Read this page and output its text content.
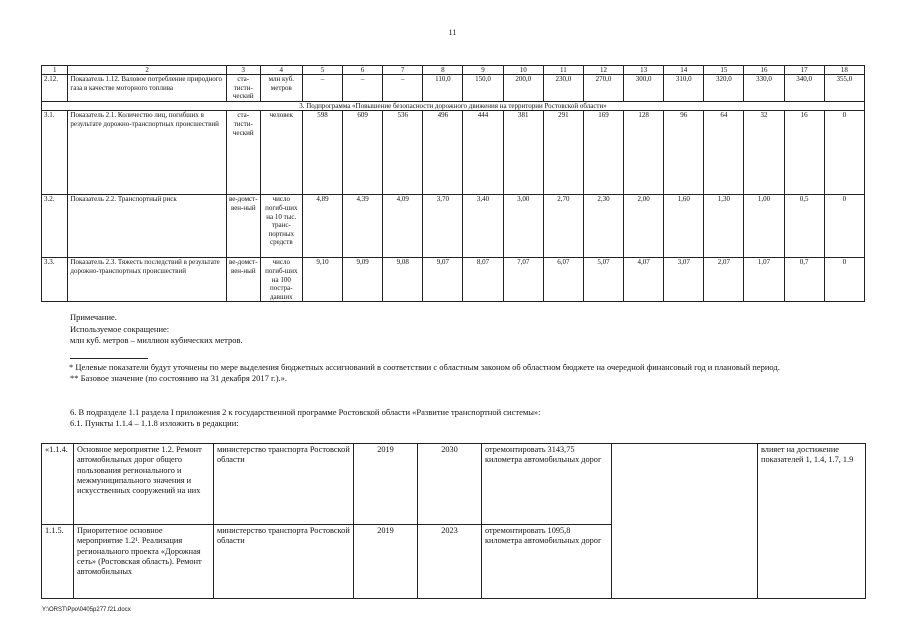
11
1	2	3	4	5	6	7	8	9	10	11	12	13	14	15	16	17	18
2.12.	Показатель 1.12. Валовое потребление природного газа в качестве моторного топлива	ста-тисти-ческий	млн куб. метров	–	–	–	110,0	150,0	200,0	230,0	270,0	300,0	310,0	320,0	330,0	340,0	355,0
3. Подпрограмма «Повышение безопасности дорожного движения на территории Ростовской области»																	
3.1.	Показатель 2.1. Количество лиц, погибших в результате дорожно-транспортных происшествий	ста-тисти-ческий	человек	598	609	536	496	444	381	291	169	128	96	64	32	16	0
3.2.	Показатель 2.2. Транспортный риск	ве-домст-вен-ный	число погиб-ших на 10 тыс. транс-портных средств	4,89	4,39	4,09	3,70	3,40	3,00	2,70	2,30	2,00	1,60	1,30	1,00	0,5	0
3.3.	Показатель 2.3. Тяжесть последствий в результате дорожно-транспортных происшествий	ве-домст-вен-ный	число погиб-ших на 100 постра-давших	9,10	9,09	9,08	9,07	8,07	7,07	6,07	5,07	4,07	3,07	2,07	1,07	0,7	0
Примечание.
Используемое сокращение:
млн куб. метров – миллион кубических метров.

* Целевые показатели будут уточнены по мере выделения бюджетных ассигнований в соответствии с областным законом об областном бюджете на очередной финансовый год и плановый период.

** Базовое значение (по состоянию на 31 декабря 2017 г.).».

6. В подразделе 1.1 раздела I приложения 2 к государственной программе Ростовской области «Развитие транспортной системы»:

6.1. Пункты 1.1.4 – 1.1.8 изложить в редакции:

«1.1.4.	Основное мероприятие 1.2. Ремонт автомобильных дорог общего пользования регионального и межмуниципального значения и искусственных сооружений на них	министерство транспорта Ростовской области	2019	2030	отремонтировать 3143,75 километра автомобильных дорог		влияет на достижение показателей 1, 1.4, 1.7, 1.9
1.1.5.	Приоритетное основное мероприятие 1.2¹. Реализация регионального проекта «Дорожная сеть» (Ростовская область). Ремонт автомобильных	министерство транспорта Ростовской области	2019	2023	отремонтировать 1095,8 километра автомобильных дорог		
Y:\ORST\Ppo\0405p277.f21.docx
